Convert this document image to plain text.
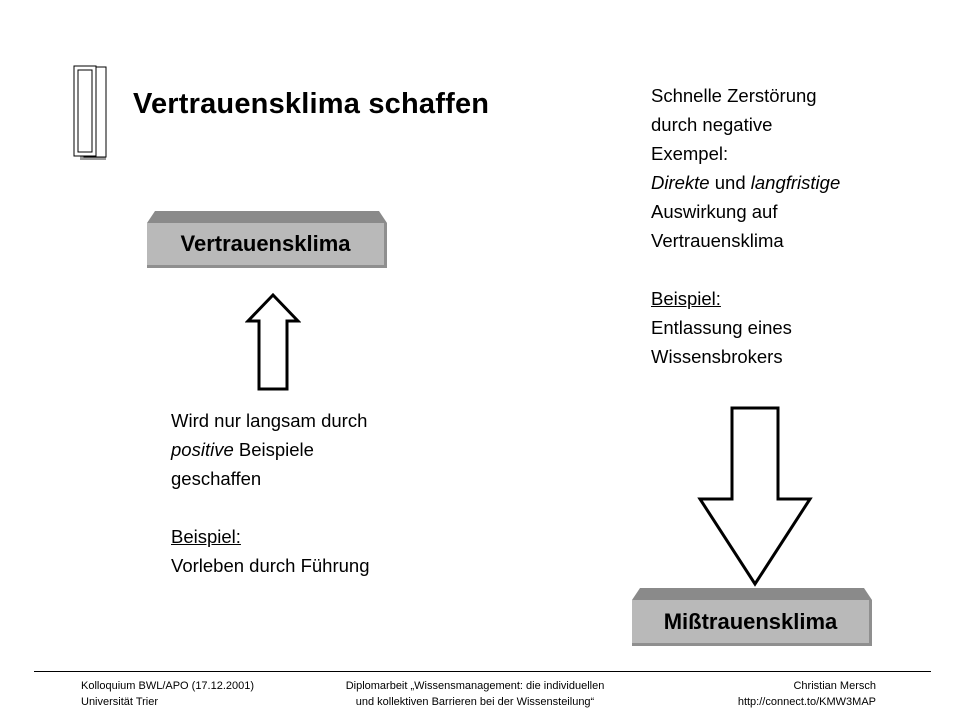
Vertrauensklima schaffen
Vertrauensklima
Wird nur langsam durch
positive Beispiele
geschaffen
Beispiel:
Vorleben durch Führung
Schnelle Zerstörung
durch negative
Exempel:
Direkte und langfristige
Auswirkung auf
Vertrauensklima
Beispiel:
Entlassung eines
Wissensbrokers
Mißtrauensklima
Kolloquium BWL/APO (17.12.2001)
Universität Trier
Diplomarbeit „Wissensmanagement: die individuellen
und kollektiven Barrieren bei der Wissensteilung“
Christian Mersch
http://connect.to/KMW3MAP
